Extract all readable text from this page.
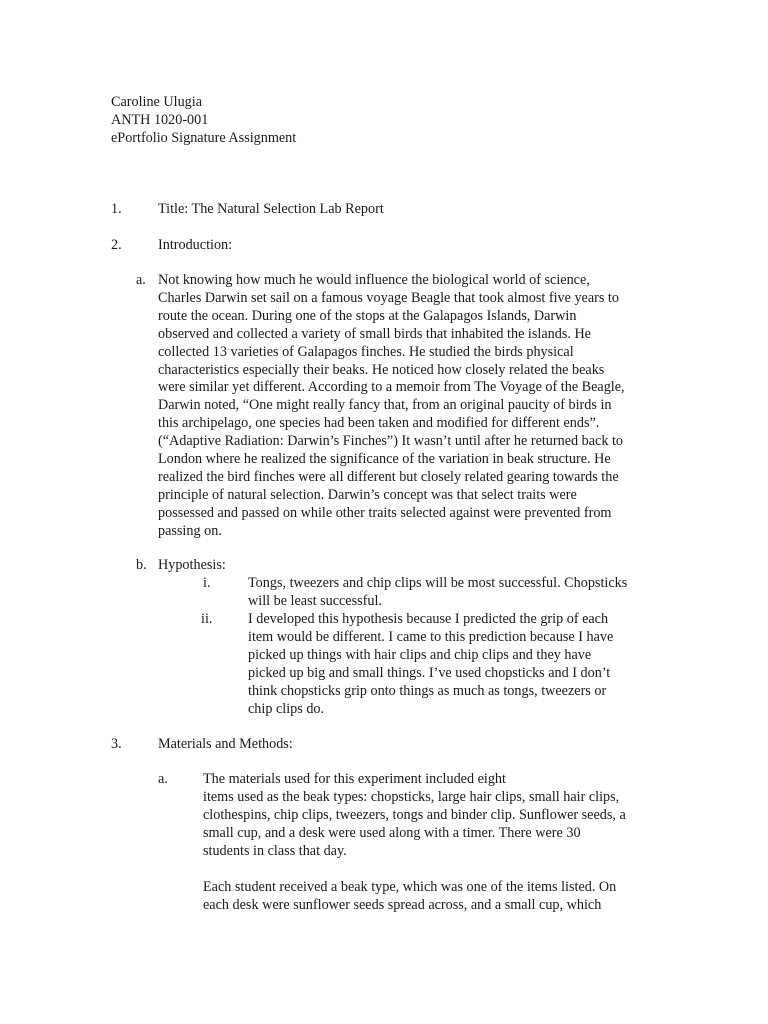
Caroline Ulugia
ANTH 1020-001
ePortfolio Signature Assignment
1.	Title: The Natural Selection Lab Report
2.	Introduction:
a. Not knowing how much he would influence the biological world of science,
Charles Darwin set sail on a famous voyage Beagle that took almost five years to
route the ocean. During one of the stops at the Galapagos Islands, Darwin
observed and collected a variety of small birds that inhabited the islands. He
collected 13 varieties of Galapagos finches. He studied the birds physical
characteristics especially their beaks. He noticed how closely related the beaks
were similar yet different. According to a memoir from The Voyage of the Beagle,
Darwin noted, “One might really fancy that, from an original paucity of birds in
this archipelago, one species had been taken and modified for different ends”.
(“Adaptive Radiation: Darwin’s Finches”) It wasn’t until after he returned back to
London where he realized the significance of the variation in beak structure. He
realized the bird finches were all different but closely related gearing towards the
principle of natural selection. Darwin’s concept was that select traits were
possessed and passed on while other traits selected against were prevented from
passing on.
b. Hypothesis:
i.	Tongs, tweezers and chip clips will be most successful. Chopsticks
will be least successful.
ii.	I developed this hypothesis because I predicted the grip of each
item would be different. I came to this prediction because I have
picked up things with hair clips and chip clips and they have
picked up big and small things. I’ve used chopsticks and I don’t
think chopsticks grip onto things as much as tongs, tweezers or
chip clips do.
3.	Materials and Methods:
a. The materials used for this experiment included eight
items used as the beak types: chopsticks, large hair clips, small hair clips,
clothespins, chip clips, tweezers, tongs and binder clip. Sunflower seeds, a
small cup, and a desk were used along with a timer. There were 30
students in class that day.
Each student received a beak type, which was one of the items listed. On
each desk were sunflower seeds spread across, and a small cup, which
